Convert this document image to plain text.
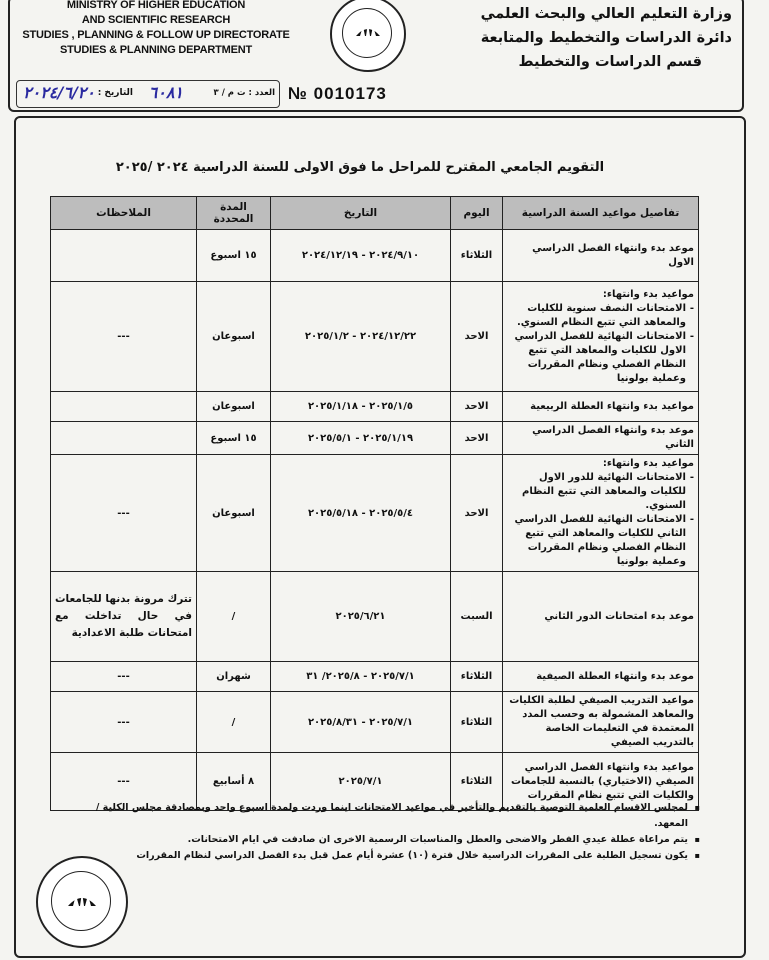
MINISTRY OF HIGHER EDUCATION
AND SCIENTIFIC RESEARCH
STUDIES , PLANNING & FOLLOW UP DIRECTORATE
STUDIES & PLANNING DEPARTMENT
وزارة التعليم العالي والبحث العلمي
دائرة الدراسات والتخطيط والمتابعة
قسم الدراسات والتخطيط
العدد : ت م / ٣
٦٠٨١
التاريخ :
٢٠٢٤/٦/٢٠	№ 0010173
التقويم الجامعي المقترح للمراحل ما فوق الاولى للسنة الدراسية ٢٠٢٤ /٢٠٢٥
تفاصيل مواعيد السنة الدراسية	اليوم	التاريخ	المدة المحددة	الملاحظات
موعد بدء وانتهاء الفصل الدراسي الاول	الثلاثاء	٢٠٢٤/٩/١٠ - ٢٠٢٤/١٢/١٩	١٥ اسبوع	
مواعيد بدء وانتهاء:
- الامتحانات النصف سنوية للكليات والمعاهد التي تتبع النظام السنوي.
- الامتحانات النهائية للفصل الدراسي الاول للكليات والمعاهد التي تتبع النظام الفصلي ونظام المقررات وعملية بولونيا	الاحد	٢٠٢٤/١٢/٢٢ - ٢٠٢٥/١/٢	اسبوعان	---
مواعيد بدء وانتهاء العطلة الربيعية	الاحد	٢٠٢٥/١/٥ - ٢٠٢٥/١/١٨	اسبوعان	
موعد بدء وانتهاء الفصل الدراسي الثاني	الاحد	٢٠٢٥/١/١٩ - ٢٠٢٥/٥/١	١٥ اسبوع	
مواعيد بدء وانتهاء:
- الامتحانات النهائية للدور الاول للكليات والمعاهد التي تتبع النظام السنوي.
- الامتحانات النهائية للفصل الدراسي الثاني للكليات والمعاهد التي تتبع النظام الفصلي ونظام المقررات وعملية بولونيا	الاحد	٢٠٢٥/٥/٤ - ٢٠٢٥/٥/١٨	اسبوعان	---
موعد بدء امتحانات الدور الثاني	السبت	٢٠٢٥/٦/٢١	/	تترك مرونة بدنها للجامعات في حال تداخلت مع امتحانات طلبة الاعدادية
موعد بدء وانتهاء العطلة الصيفية	الثلاثاء	٢٠٢٥/٧/١ - ٢٠٢٥/٨/ ٣١	شهران	---
مواعيد التدريب الصيفي لطلبة الكليات والمعاهد المشمولة به وحسب المدد المعتمدة في التعليمات الخاصة بالتدريب الصيفي	الثلاثاء	٢٠٢٥/٧/١ - ٢٠٢٥/٨/٣١	/	---
مواعيد بدء وانتهاء الفصل الدراسي الصيفي (الاختياري) بالنسبة للجامعات والكليات التي تتبع نظام المقررات	الثلاثاء	٢٠٢٥/٧/١	٨ أسابيع	---
▪ لمجلس الاقسام العلمية التوصية بالتقديم والتأخير في مواعيد الامتحانات اينما وردت ولمدة اسبوع واحد وبمصادقة مجلس الكلية / المعهد.
▪ يتم مراعاة عطلة عيدي الفطر والاضحى والعطل والمناسبات الرسمية الاخرى ان صادفت في ايام الامتحانات.
▪ يكون تسجيل الطلبة على المقررات الدراسية خلال فترة (١٠) عشرة أيام عمل قبل بدء الفصل الدراسي لنظام المقررات
